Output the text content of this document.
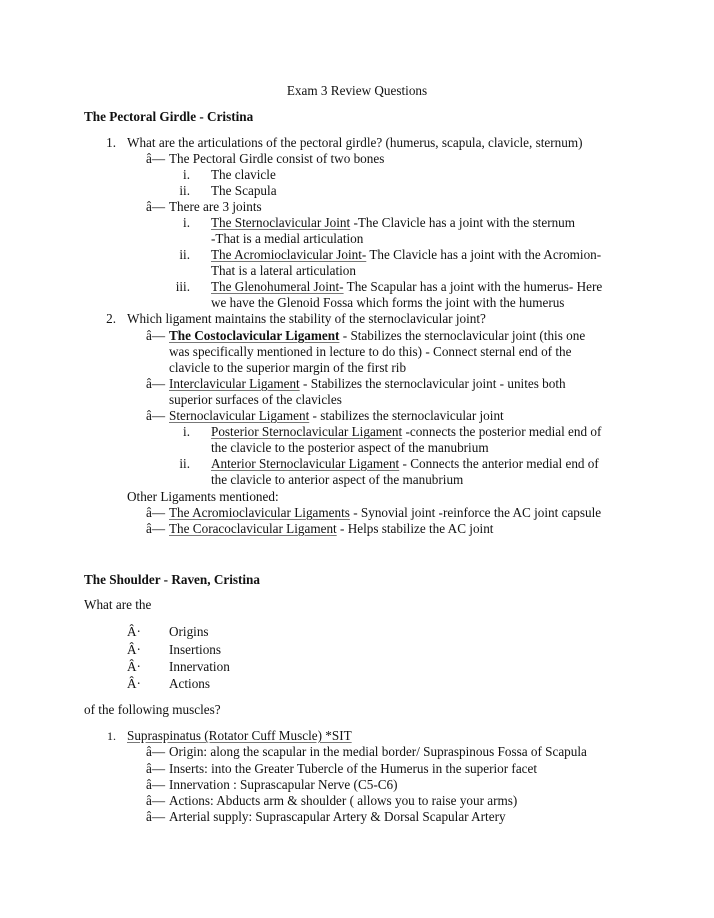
Exam 3 Review Questions
The Pectoral Girdle - Cristina
1. What are the articulations of the pectoral girdle? (humerus, scapula, clavicle, sternum)
â— The Pectoral Girdle consist of two bones
i. The clavicle
ii. The Scapula
â— There are 3 joints
i. The Sternoclavicular Joint -The Clavicle has a joint with the sternum
-That is a medial articulation
ii. The Acromioclavicular Joint- The Clavicle has a joint with the Acromion-
That is a lateral articulation
iii. The Glenohumeral Joint- The Scapular has a joint with the humerus- Here
we have the Glenoid Fossa which forms the joint with the humerus
2. Which ligament maintains the stability of the sternoclavicular joint?
â— The Costoclavicular Ligament - Stabilizes the sternoclavicular joint (this one
was specifically mentioned in lecture to do this) - Connect sternal end of the
clavicle to the superior margin of the first rib
â— Interclavicular Ligament - Stabilizes the sternoclavicular joint - unites both
superior surfaces of the clavicles
â— Sternoclavicular Ligament - stabilizes the sternoclavicular joint
i. Posterior Sternoclavicular Ligament -connects the posterior medial end of
the clavicle to the posterior aspect of the manubrium
ii. Anterior Sternoclavicular Ligament - Connects the anterior medial end of
the clavicle to anterior aspect of the manubrium
Other Ligaments mentioned:
â— The Acromioclavicular Ligaments - Synovial joint -reinforce the AC joint capsule
â— The Coracoclavicular Ligament - Helps stabilize the AC joint
The Shoulder - Raven, Cristina
What are the
Â· Origins
Â· Insertions
Â· Innervation
Â· Actions
of the following muscles?
1. Supraspinatus (Rotator Cuff Muscle) *SIT
â— Origin: along the scapular in the medial border/ Supraspinous Fossa of Scapula
â— Inserts: into the Greater Tubercle of the Humerus in the superior facet
â— Innervation : Suprascapular Nerve (C5-C6)
â— Actions: Abducts arm & shoulder ( allows you to raise your arms)
â— Arterial supply: Suprascapular Artery & Dorsal Scapular Artery
